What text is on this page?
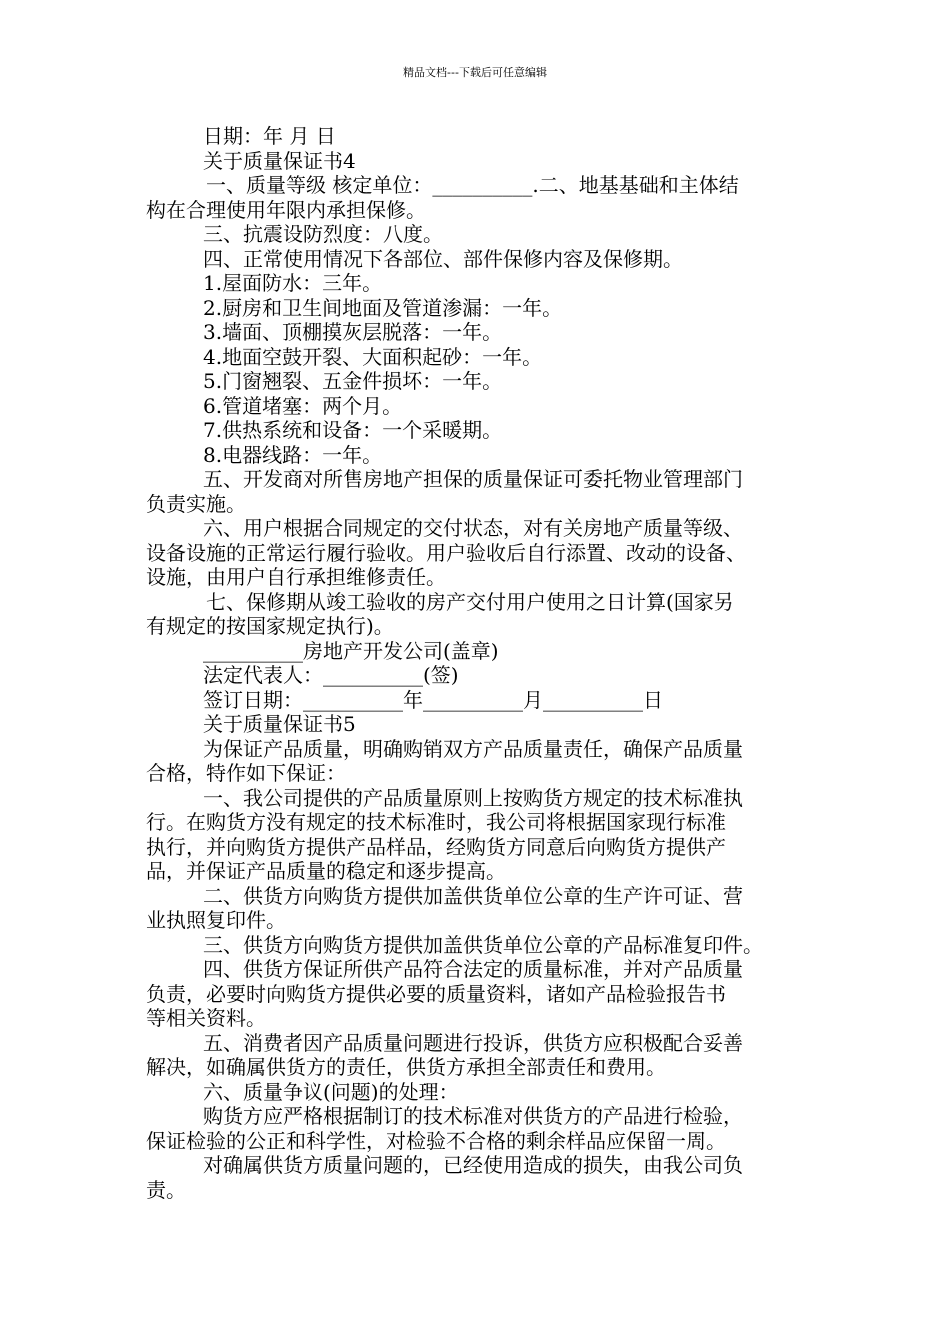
精品文档---下载后可任意编辑
日期：年 月 日
关于质量保证书4
一、质量等级 核定单位：__________.二、地基基础和主体结
构在合理使用年限内承担保修。
三、抗震设防烈度：八度。
四、正常使用情况下各部位、部件保修内容及保修期。
1.屋面防水：三年。
2.厨房和卫生间地面及管道渗漏：一年。
3.墙面、顶棚摸灰层脱落：一年。
4.地面空鼓开裂、大面积起砂：一年。
5.门窗翘裂、五金件损坏：一年。
6.管道堵塞：两个月。
7.供热系统和设备：一个采暖期。
8.电器线路：一年。
五、开发商对所售房地产担保的质量保证可委托物业管理部门
负责实施。
六、用户根据合同规定的交付状态，对有关房地产质量等级、
设备设施的正常运行履行验收。用户验收后自行添置、改动的设备、
设施，由用户自行承担维修责任。
七、保修期从竣工验收的房产交付用户使用之日计算(国家另
有规定的按国家规定执行)。
__________房地产开发公司(盖章)
法定代表人：__________(签)
签订日期：__________年__________月__________日
关于质量保证书5
为保证产品质量，明确购销双方产品质量责任，确保产品质量
合格，特作如下保证：
一、我公司提供的产品质量原则上按购货方规定的技术标准执
行。在购货方没有规定的技术标准时，我公司将根据国家现行标准
执行，并向购货方提供产品样品，经购货方同意后向购货方提供产
品，并保证产品质量的稳定和逐步提高。
二、供货方向购货方提供加盖供货单位公章的生产许可证、营
业执照复印件。
三、供货方向购货方提供加盖供货单位公章的产品标准复印件。
四、供货方保证所供产品符合法定的质量标准，并对产品质量
负责，必要时向购货方提供必要的质量资料，诸如产品检验报告书
等相关资料。
五、消费者因产品质量问题进行投诉，供货方应积极配合妥善
解决，如确属供货方的责任，供货方承担全部责任和费用。
六、质量争议(问题)的处理：
购货方应严格根据制订的技术标准对供货方的产品进行检验，
保证检验的公正和科学性，对检验不合格的剩余样品应保留一周。
对确属供货方质量问题的，已经使用造成的损失，由我公司负
责。
